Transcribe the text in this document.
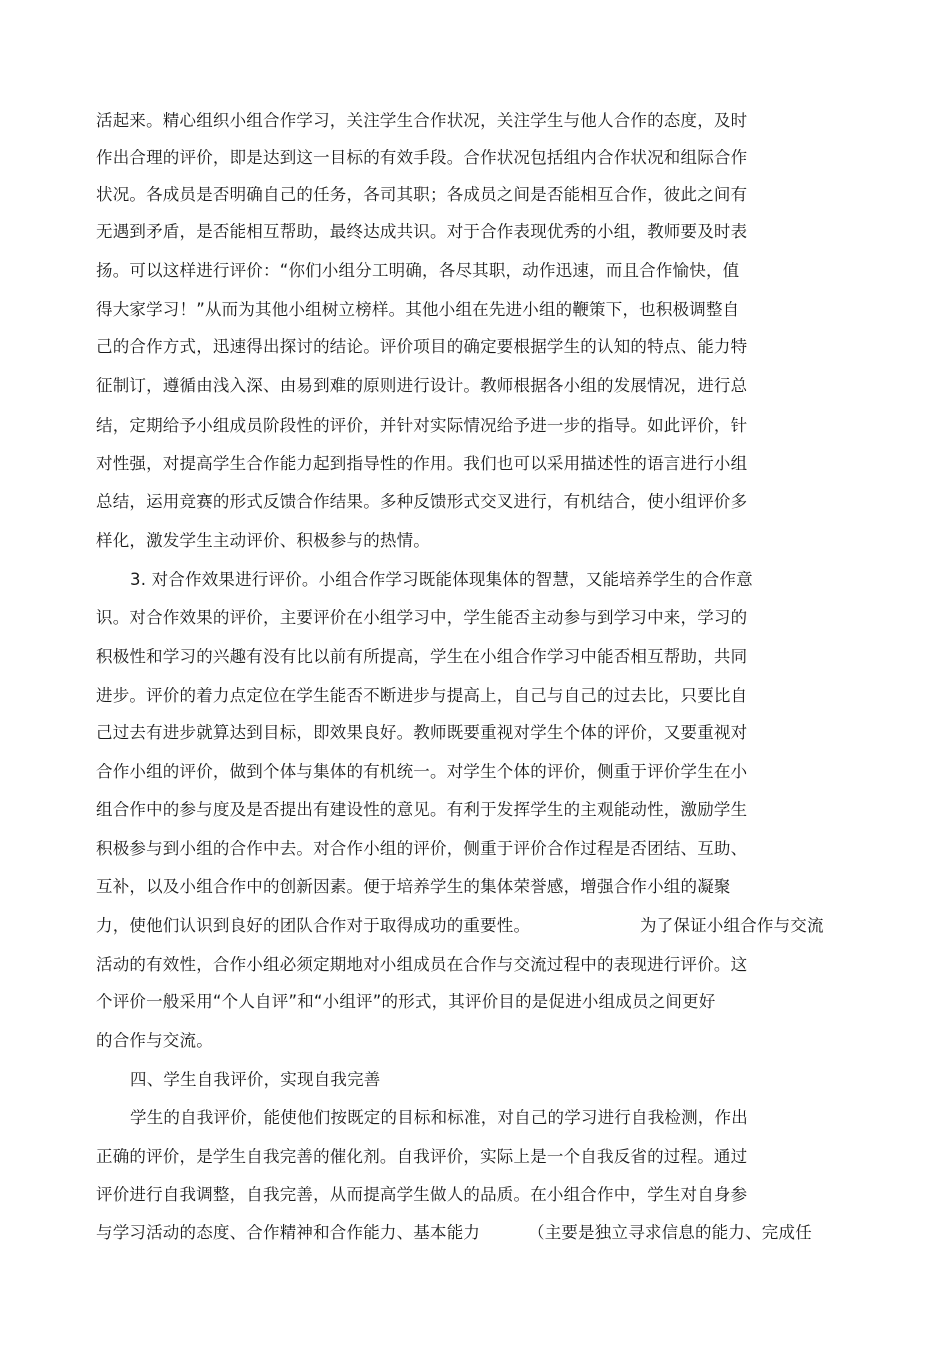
活起来。精心组织小组合作学习，关注学生合作状况，关注学生与他人合作的态度，及时
作出合理的评价，即是达到这一目标的有效手段。合作状况包括组内合作状况和组际合作
状况。各成员是否明确自己的任务，各司其职；各成员之间是否能相互合作，彼此之间有
无遇到矛盾，是否能相互帮助，最终达成共识。对于合作表现优秀的小组，教师要及时表
扬。可以这样进行评价：“你们小组分工明确，各尽其职，动作迅速，而且合作愉快，值
得大家学习！”从而为其他小组树立榜样。其他小组在先进小组的鞭策下，也积极调整自
己的合作方式，迅速得出探讨的结论。评价项目的确定要根据学生的认知的特点、能力特
征制订，遵循由浅入深、由易到难的原则进行设计。教师根据各小组的发展情况，进行总
结，定期给予小组成员阶段性的评价，并针对实际情况给予进一步的指导。如此评价，针
对性强，对提高学生合作能力起到指导性的作用。我们也可以采用描述性的语言进行小组
总结，运用竞赛的形式反馈合作结果。多种反馈形式交叉进行，有机结合，使小组评价多
样化，激发学生主动评价、积极参与的热情。
3. 对合作效果进行评价。小组合作学习既能体现集体的智慧，又能培养学生的合作意
识。对合作效果的评价，主要评价在小组学习中，学生能否主动参与到学习中来，学习的
积极性和学习的兴趣有没有比以前有所提高，学生在小组合作学习中能否相互帮助，共同
进步。评价的着力点定位在学生能否不断进步与提高上，自己与自己的过去比，只要比自
己过去有进步就算达到目标，即效果良好。教师既要重视对学生个体的评价，又要重视对
合作小组的评价，做到个体与集体的有机统一。对学生个体的评价，侧重于评价学生在小
组合作中的参与度及是否提出有建设性的意见。有利于发挥学生的主观能动性，激励学生
积极参与到小组的合作中去。对合作小组的评价，侧重于评价合作过程是否团结、互助、
互补，以及小组合作中的创新因素。便于培养学生的集体荣誉感，增强合作小组的凝聚
力，使他们认识到良好的团队合作对于取得成功的重要性。	为了保证小组合作与交流
活动的有效性，合作小组必须定期地对小组成员在合作与交流过程中的表现进行评价。这
个评价一般采用“个人自评”和“小组评”的形式，其评价目的是促进小组成员之间更好
的合作与交流。
四、学生自我评价，实现自我完善
学生的自我评价，能使他们按既定的目标和标准，对自己的学习进行自我检测，作出
正确的评价，是学生自我完善的催化剂。自我评价，实际上是一个自我反省的过程。通过
评价进行自我调整，自我完善，从而提高学生做人的品质。在小组合作中，学生对自身参
与学习活动的态度、合作精神和合作能力、基本能力	（主要是独立寻求信息的能力、完成任
